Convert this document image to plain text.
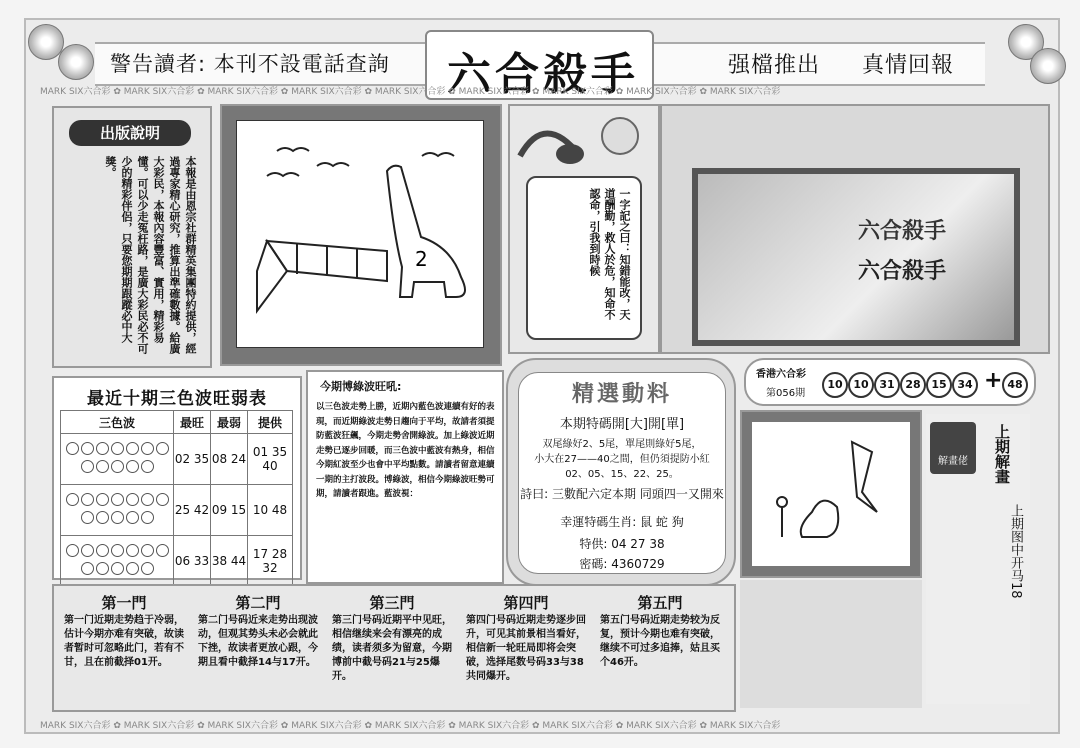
警告讀者: 本刊不設電話查詢 六合殺手	强檔推出 真情回報
MARK SIX六合彩 ✿ MARK SIX六合彩 ✿ MARK SIX六合彩 ✿ MARK SIX六合彩 ✿ MARK SIX六合彩 ✿ MARK SIX六合彩 ✿ MARK SIX六合彩 ✿ MARK SIX六合彩 ✿ MARK SIX六合彩
MARK SIX六合彩 ✿ MARK SIX六合彩 ✿ MARK SIX六合彩 ✿ MARK SIX六合彩 ✿ MARK SIX六合彩 ✿ MARK SIX六合彩 ✿ MARK SIX六合彩 ✿ MARK SIX六合彩 ✿ MARK SIX六合彩
出版說明
本報是由恩宗社群精英集團特約提供，經過專家精心研究，推算出準確數據。給廣大彩民，本報內容豐富、實用，精彩易懂。可以少走冤枉路，是廣大彩民必不可少的精彩伴侶，只要您期期跟蹤必中大獎。
2	一字記之曰：知錯能改，天道酬勤，救人於危，知命不認命，引我到時候	六合殺手
六合殺手
香港六合彩
第056期
10 10 31 28 15 34 + 48
解畫佬	上期解畫
上期图中开马18
最近十期三色波旺弱表
三色波	最旺	最弱	提供
	02 35	08 24	01 35 40
	25 42	09 15	10 48
	06 33	38 44	17 28 32
今期博綠波旺吼:
以三色波走勢上勝，近期內藍色波連續有好的表現，而近期綠波走勢日趨向于平均，故請者須提防藍波狂飆，今期走勢舍開綠波。加上綠波近期走勢已逐步回暖，而三色波中藍波有熱身，相信今期紅波至少也會中平均點數。請讀者留意連續一期的主打波段。博綠波，相信今期綠波旺勢可期，請讀者跟進。藍波視：
精選動料
本期特碼開[大]開[單]
双尾綠好2、5尾，單尾則綠好5尾，
小大在27——40之間，但仍須提防小紅
02、05、15、22、25。
詩曰: 三數配六定本期 同頭四一又開來
幸運特碼生肖: 鼠 蛇 狗
特供: 04 27 38
密碼: 4360729
第一門
第一门近期走势趋于冷弱，估计今期亦难有突破，故读者暂时可忽略此门，若有不甘，且在前截择01开。
第二門
第二门号码近来走势出现波动，但观其势头未必会就此下挫，故读者更放心跟，今期且看中截择14与17开。
第三門
第三门号码近期平中见旺，相信继续来会有漂亮的成绩，读者须多为留意，今期博前中截号码21与25爆开。
第四門
第四门号码近期走势逐步回升，可见其前景相当看好，相信新一轮旺局即将会突破，选择尾数号码33与38共同爆开。
第五門
第五门号码近期走势较为反复，预计今期也难有突破，继续不可过多追捧，姑且买个46开。
